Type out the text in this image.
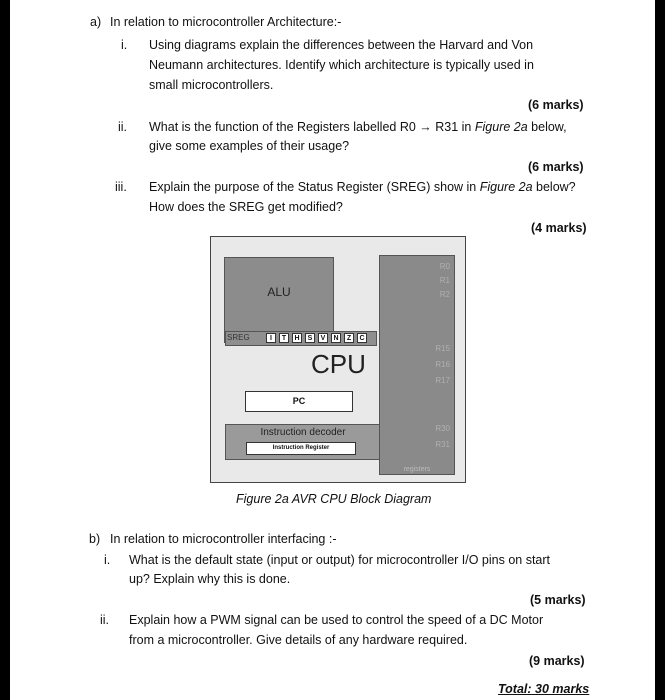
a) In relation to microcontroller Architecture:-
i. Using diagrams explain the differences between the Harvard and Von
Neumann architectures. Identify which architecture is typically used in
small microcontrollers.
(6 marks)
ii. What is the function of the Registers labelled R0 → R31 in Figure 2a below,
give some examples of their usage?
(6 marks)
iii. Explain the purpose of the Status Register (SREG) show in Figure 2a below?
How does the SREG get modified?
(4 marks)
ALU
SREG	I	T	H	S	V	N	Z	C
CPU
PC
Instruction decoder
Instruction Register
R0
R1
R2
R15
R16
R17
R30
R31
registers
Figure 2a AVR CPU Block Diagram
b) In relation to microcontroller interfacing :-
i. What is the default state (input or output) for microcontroller I/O pins on start
up? Explain why this is done.
(5 marks)
ii. Explain how a PWM signal can be used to control the speed of a DC Motor
from a microcontroller. Give details of any hardware required.
(9 marks)
Total: 30 marks
